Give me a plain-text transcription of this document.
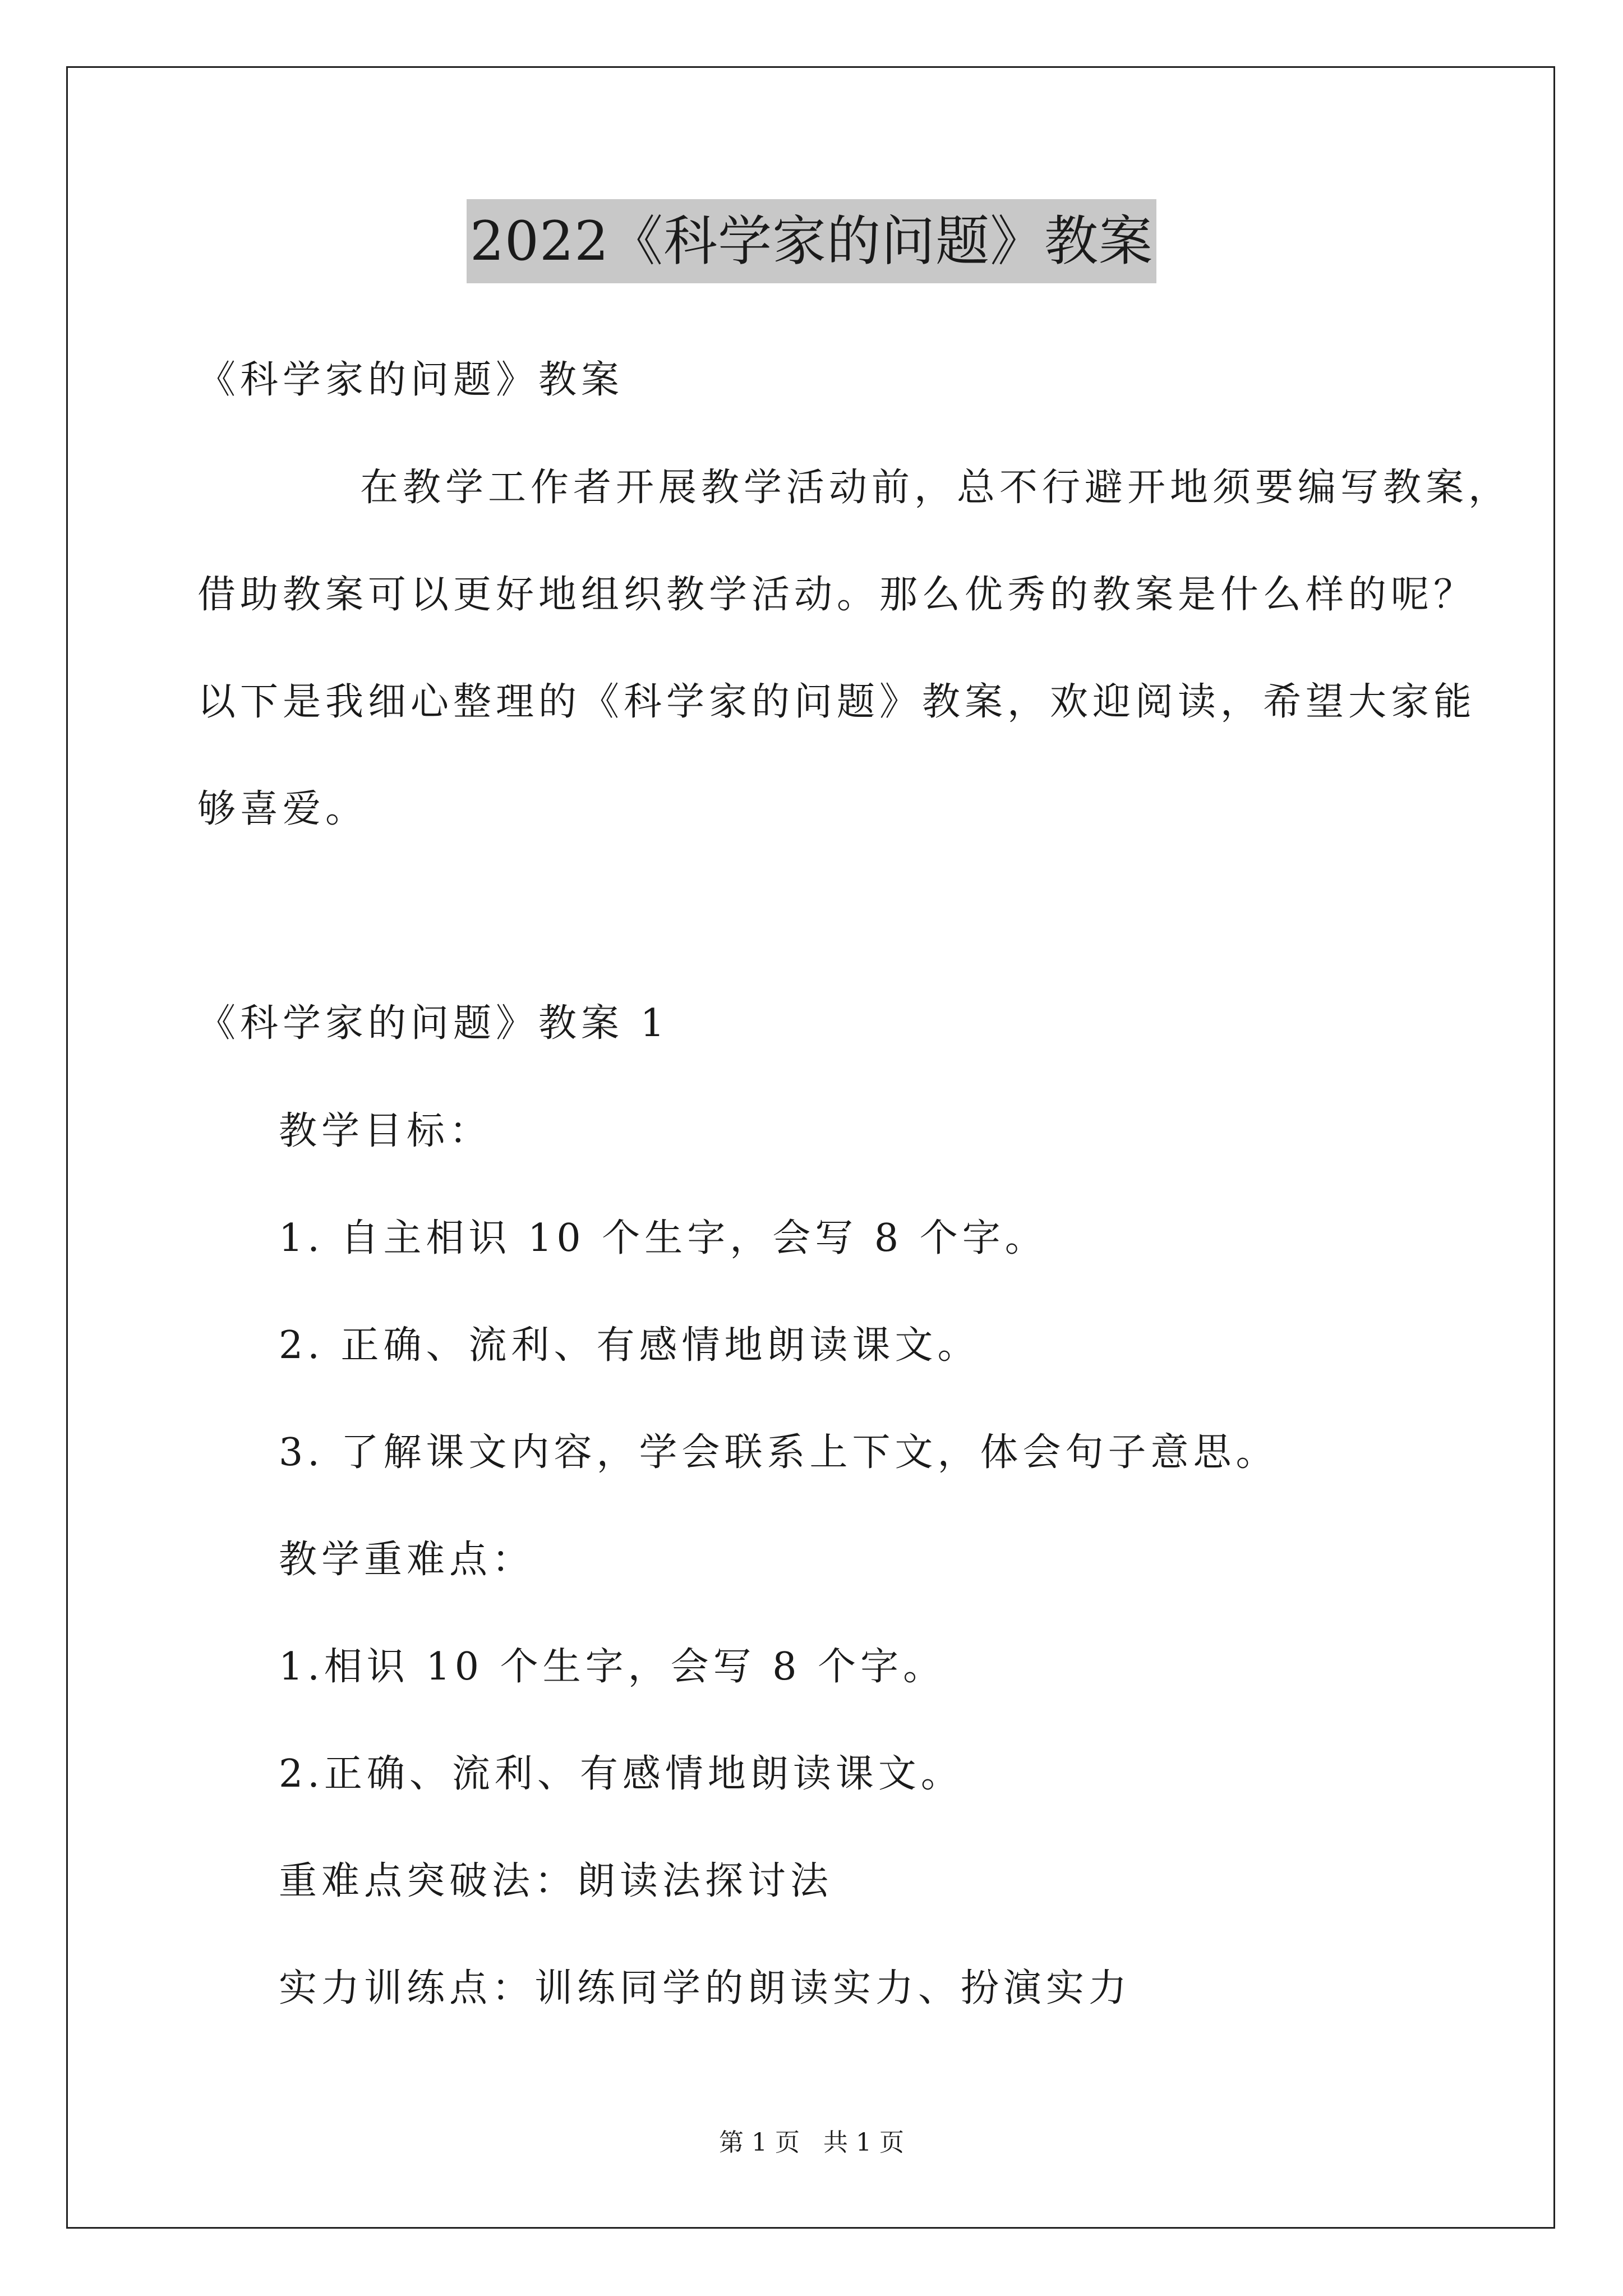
2022《科学家的问题》教案
《科学家的问题》教案
在教学工作者开展教学活动前，总不行避开地须要编写教案，
借助教案可以更好地组织教学活动。那么优秀的教案是什么样的呢？
以下是我细心整理的《科学家的问题》教案，欢迎阅读，希望大家能
够喜爱。
《科学家的问题》教案 1
教学目标：
1. 自主相识 10 个生字，会写 8 个字。
2. 正确、流利、有感情地朗读课文。
3. 了解课文内容，学会联系上下文，体会句子意思。
教学重难点：
1.相识 10 个生字，会写 8 个字。
2.正确、流利、有感情地朗读课文。
重难点突破法：朗读法探讨法
实力训练点：训练同学的朗读实力、扮演实力
第 1 页   共 1 页
